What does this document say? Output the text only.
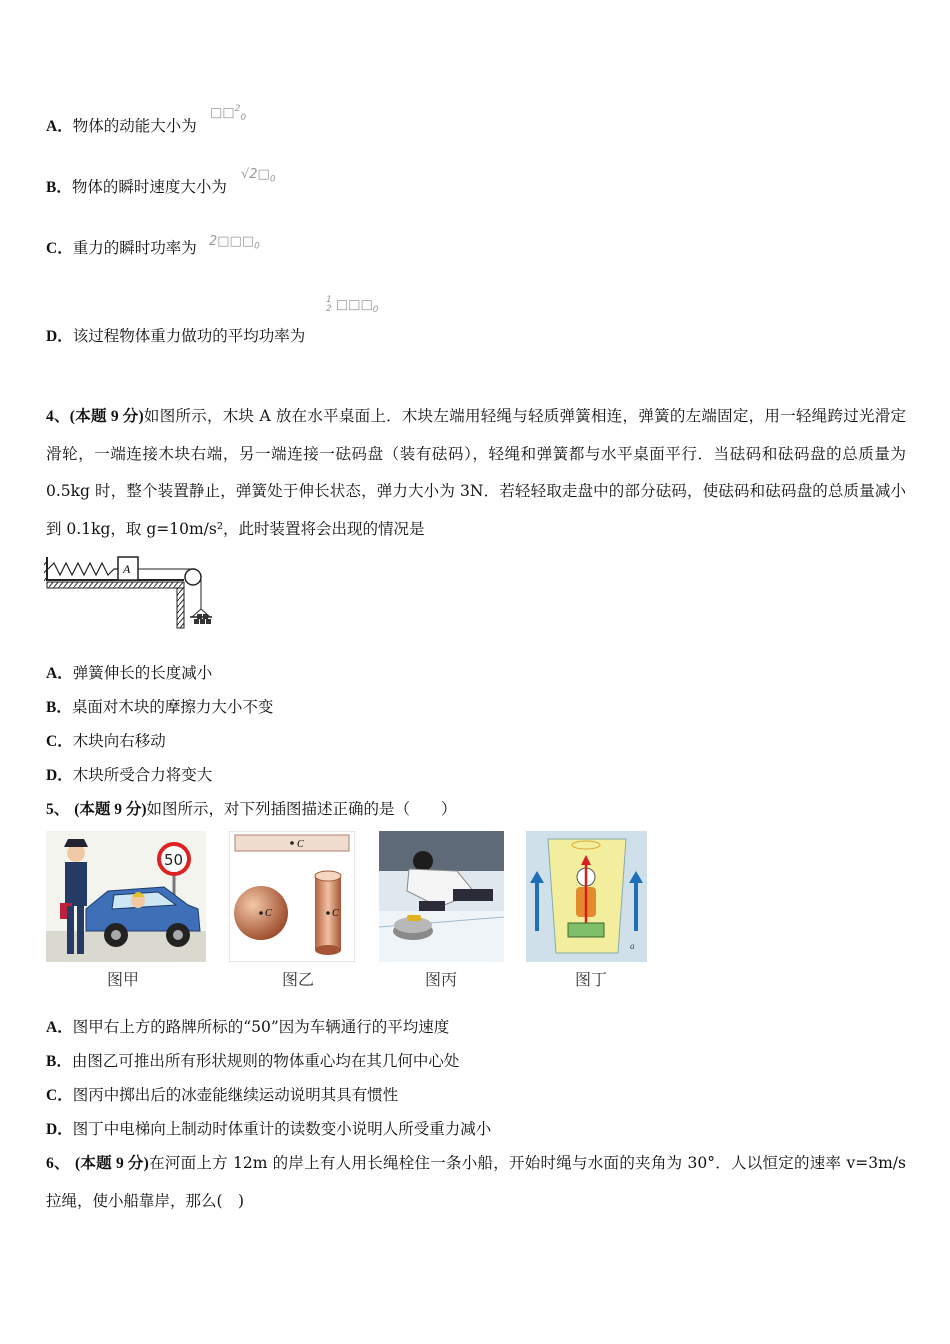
A．物体的动能大小为
□□$^2_0$
B．物体的瞬时速度大小为
$√2□_0$
C．重力的瞬时功率为 $2□□□_0$
D．该过程物体重力做功的平均功率为
1
2 $□□□_0$
4、(本题 9 分)如图所示，木块 A 放在水平桌面上．木块左端用轻绳与轻质弹簧相连，弹簧的左端固定，用一轻绳跨过光滑定滑轮，一端连接木块右端，另一端连接一砝码盘（装有砝码），轻绳和弹簧都与水平桌面平行．当砝码和砝码盘的总质量为 0.5kg 时，整个装置静止，弹簧处于伸长状态，弹力大小为 3N．若轻轻取走盘中的部分砝码，使砝码和砝码盘的总质量减小到 0.1kg，取 g=10m/s²，此时装置将会出现的情况是
A
A．弹簧伸长的长度减小
B．桌面对木块的摩擦力大小不变
C．木块向右移动
D．木块所受合力将变大
5、 (本题 9 分)如图所示，对下列插图描述正确的是（　　）
50
图甲
C
C	C
图乙	图丙
a
图丁
A．图甲右上方的路牌所标的“50”因为车辆通行的平均速度
B．由图乙可推出所有形状规则的物体重心均在其几何中心处
C．图丙中掷出后的冰壶能继续运动说明其具有惯性
D．图丁中电梯向上制动时体重计的读数变小说明人所受重力减小
6、 (本题 9 分)在河面上方 12m 的岸上有人用长绳栓住一条小船，开始时绳与水面的夹角为 30°．人以恒定的速率 v=3m/s 拉绳，使小船靠岸，那么(　)
